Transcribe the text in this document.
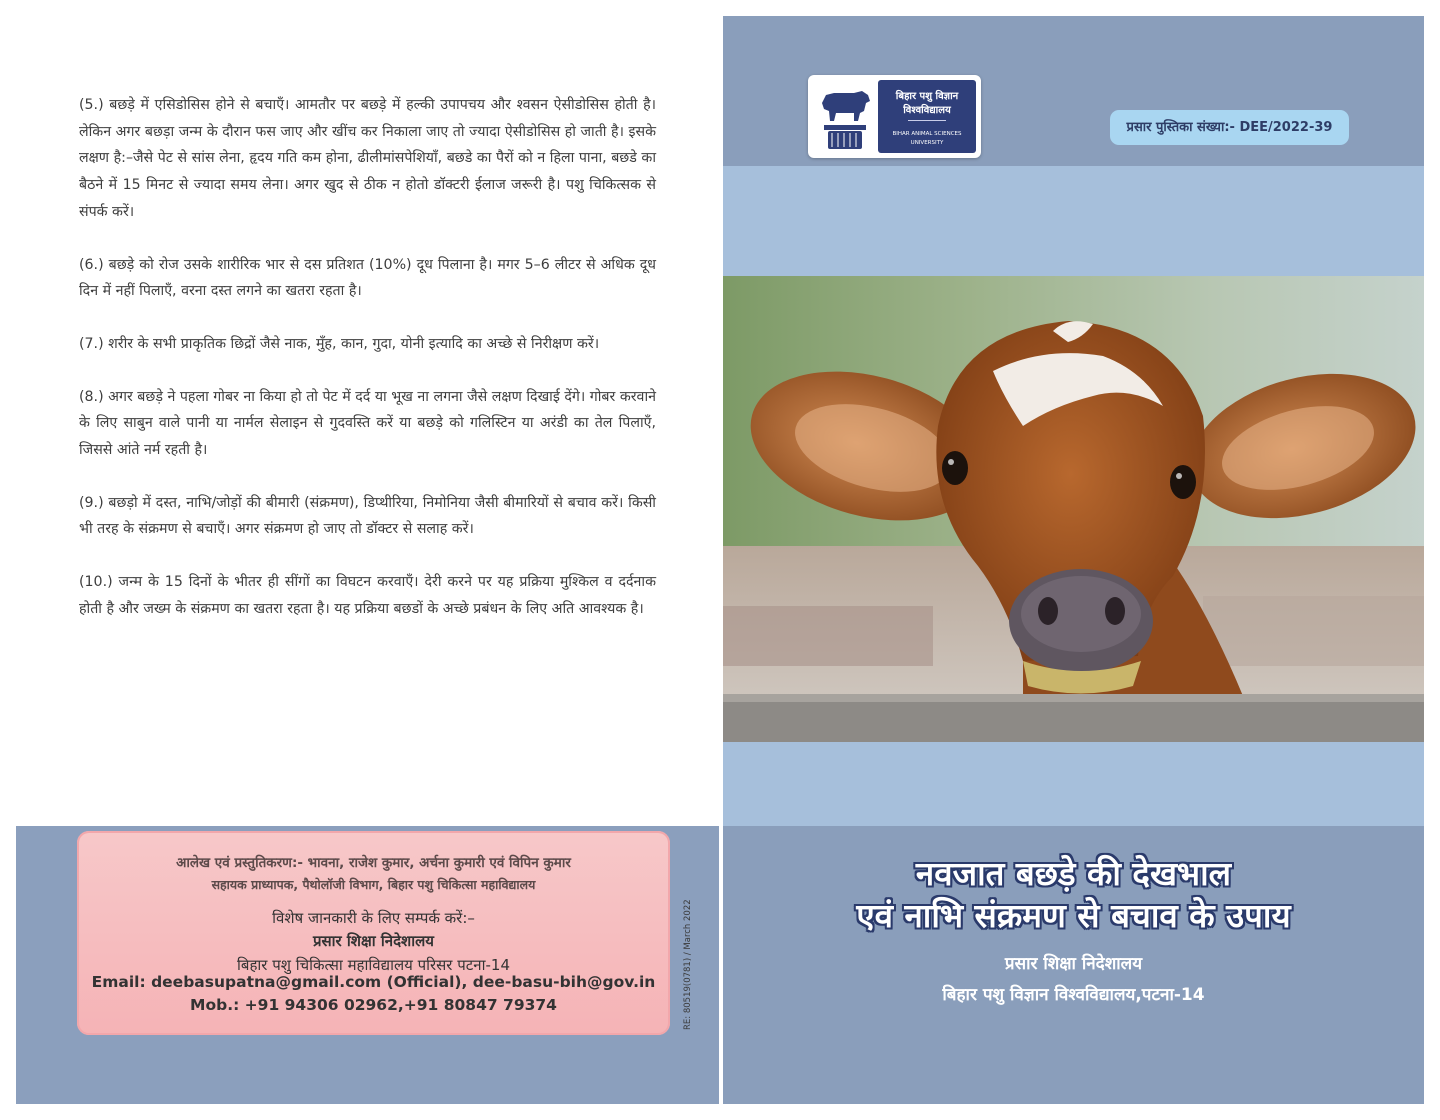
(5.) बछड़े में एसिडोसिस होने से बचाएँ। आमतौर पर बछड़े में हल्की उपापचय और श्वसन ऐसीडोसिस होती है। लेकिन अगर बछड़ा जन्म के दौरान फस जाए और खींच कर निकाला जाए तो ज्यादा ऐसीडोसिस हो जाती है। इसके लक्षण है:–जैसे पेट से सांस लेना, हृदय गति कम होना, ढीलीमांसपेशियाँ, बछडे का पैरों को न हिला पाना, बछडे का बैठने में 15 मिनट से ज्यादा समय लेना। अगर खुद से ठीक न होतो डॉक्टरी ईलाज जरूरी है। पशु चिकित्सक से संपर्क करें।

(6.) बछड़े को रोज उसके शारीरिक भार से दस प्रतिशत (10%) दूध पिलाना है। मगर 5–6 लीटर से अधिक दूध दिन में नहीं पिलाएँ, वरना दस्त लगने का खतरा रहता है।

(7.) शरीर के सभी प्राकृतिक छिद्रों जैसे नाक, मुँह, कान, गुदा, योनी इत्यादि का अच्छे से निरीक्षण करें।

(8.) अगर बछड़े ने पहला गोबर ना किया हो तो पेट में दर्द या भूख ना लगना जैसे लक्षण दिखाई देंगे। गोबर करवाने के लिए साबुन वाले पानी या नार्मल सेलाइन से गुदवस्ति करें या बछड़े को गलिस्टिन या अरंडी का तेल पिलाएँ, जिससे आंते नर्म रहती है।

(9.) बछड़ो में दस्त, नाभि/जोड़ों की बीमारी (संक्रमण), डिप्थीरिया, निमोनिया जैसी बीमारियों से बचाव करें। किसी भी तरह के संक्रमण से बचाएँ। अगर संक्रमण हो जाए तो डॉक्टर से सलाह करें।

(10.) जन्म के 15 दिनों के भीतर ही सींगों का विघटन करवाएँ। देरी करने पर यह प्रक्रिया मुश्किल व दर्दनाक होती है और जख्म के संक्रमण का खतरा रहता है। यह प्रक्रिया बछडों के अच्छे प्रबंधन के लिए अति आवश्यक है।

आलेख एवं प्रस्तुतिकरण:- भावना, राजेश कुमार, अर्चना कुमारी एवं विपिन कुमार
सहायक प्राध्यापक, पैथोलॉजी विभाग, बिहार पशु चिकित्सा महाविद्यालय
विशेष जानकारी के लिए सम्पर्क करें:–
प्रसार शिक्षा निदेशालय
बिहार पशु चिकित्सा महाविद्यालय परिसर पटना-14
Email: deebasupatna@gmail.com (Official), dee-basu-bih@gov.in
Mob.: +91 94306 02962,+91 80847 79374	RE: 80519(0781) / March 2022
बिहार पशु विज्ञान
विश्वविद्यालय
BIHAR ANIMAL SCIENCES
UNIVERSITY
प्रसार पुस्तिका संख्या:- DEE/2022-39
नवजात बछड़े की देखभाल
एवं नाभि संक्रमण से बचाव के उपाय
प्रसार शिक्षा निदेशालय
बिहार पशु विज्ञान विश्वविद्यालय,पटना-14
